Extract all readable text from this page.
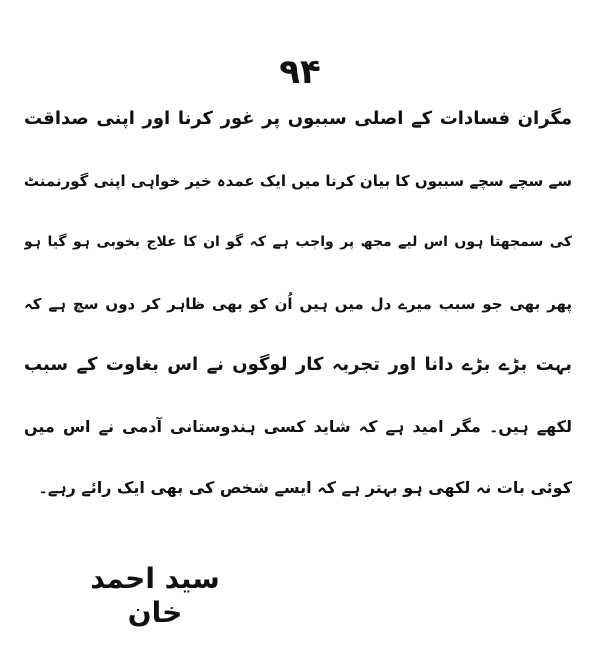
۹۴
مگران فسادات کے اصلی سببوں پر غور کرنا اور اپنی صداقت
سے سچے سچے سببوں کا بیان کرنا میں ایک عمدہ خیر خواہی اپنی گورنمنٹ
کی سمجھتا ہوں اس لیے مجھ پر واجب ہے کہ گو ان کا علاج بخوبی ہو گیا ہو
پھر بھی جو سبب میرے دل میں ہیں اُن کو بھی ظاہر کر دوں سچ ہے کہ
بہت بڑے بڑے دانا اور تجربہ کار لوگوں نے اس بغاوت کے سبب
لکھے ہیں۔ مگر امید ہے کہ شاید کسی ہندوستانی آدمی نے اس میں
کوئی بات نہ لکھی ہو بہتر ہے کہ ایسے شخص کی بھی ایک رائے رہے۔
سید احمد خان
